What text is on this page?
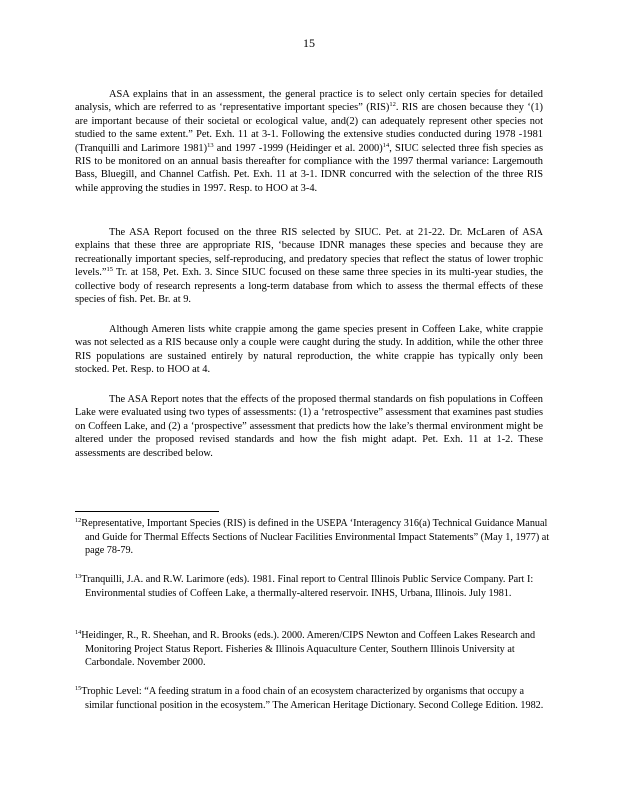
15

ASA explains that in an assessment, the general practice is to select only certain species for detailed analysis, which are referred to as ‘representative important species” (RIS)$^{12}$. RIS are chosen because they ‘(1) are important because of their societal or ecological value, and(2) can adequately represent other species not studied to the same extent.” Pet. Exh. 11 at 3-1. Following the extensive studies conducted during 1978 -1981 (Tranquilli and Larimore 1981)$^{13}$ and 1997 -1999 (Heidinger et al. 2000)$^{14}$, SIUC selected three fish species as RIS to be monitored on an annual basis thereafter for compliance with the 1997 thermal variance: Largemouth Bass, Bluegill, and Channel Catfish. Pet. Exh. 11 at 3-1. IDNR concurred with the selection of the three RIS while approving the studies in 1997. Resp. to HOO at 3-4.

The ASA Report focused on the three RIS selected by SIUC. Pet. at 21-22. Dr. McLaren of ASA explains that these three are appropriate RIS, ‘because IDNR manages these species and because they are recreationally important species, self-reproducing, and predatory species that reflect the status of lower trophic levels.”$^{15}$ Tr. at 158, Pet. Exh. 3. Since SIUC focused on these same three species in its multi-year studies, the collective body of research represents a long-term database from which to assess the thermal effects of these species of fish. Pet. Br. at 9.

Although Ameren lists white crappie among the game species present in Coffeen Lake, white crappie was not selected as a RIS because only a couple were caught during the study. In addition, while the other three RIS populations are sustained entirely by natural reproduction, the white crappie has typically only been stocked. Pet. Resp. to HOO at 4.

The ASA Report notes that the effects of the proposed thermal standards on fish populations in Coffeen Lake were evaluated using two types of assessments: (1) a ‘retrospective” assessment that examines past studies on Coffeen Lake, and (2) a ‘prospective” assessment that predicts how the lake’s thermal environment might be altered under the proposed revised standards and how the fish might adapt. Pet. Exh. 11 at 1-2. These assessments are described below.

$^{12}$Representative, Important Species (RIS) is defined in the USEPA ‘Interagency 316(a) Technical Guidance Manual and Guide for Thermal Effects Sections of Nuclear Facilities Environmental Impact Statements” (May 1, 1977) at page 78-79.

$^{13}$Tranquilli, J.A. and R.W. Larimore (eds). 1981. Final report to Central Illinois Public Service Company. Part I: Environmental studies of Coffeen Lake, a thermally-altered reservoir. INHS, Urbana, Illinois. July 1981.

$^{14}$Heidinger, R., R. Sheehan, and R. Brooks (eds.). 2000. Ameren/CIPS Newton and Coffeen Lakes Research and Monitoring Project Status Report. Fisheries & Illinois Aquaculture Center, Southern Illinois University at Carbondale. November 2000.

$^{15}$Trophic Level: “A feeding stratum in a food chain of an ecosystem characterized by organisms that occupy a similar functional position in the ecosystem.” The American Heritage Dictionary. Second College Edition. 1982.
